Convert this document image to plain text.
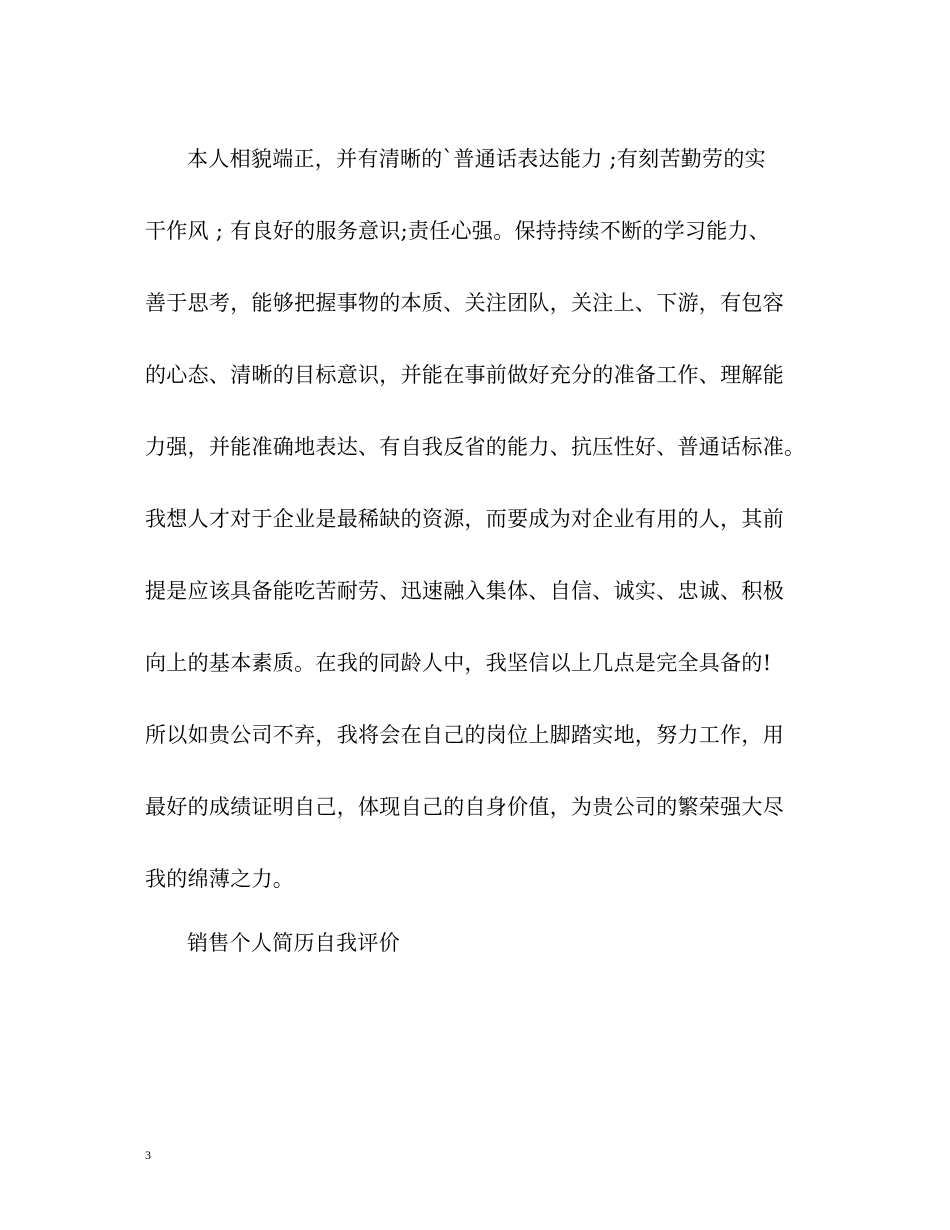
本人相貌端正，并有清晰的`普通话表达能力 ;有刻苦勤劳的实
干作风 ; 有良好的服务意识;责任心强。保持持续不断的学习能力、
善于思考，能够把握事物的本质、关注团队，关注上、下游，有包容
的心态、清晰的目标意识，并能在事前做好充分的准备工作、理解能
力强，并能准确地表达、有自我反省的能力、抗压性好、普通话标准。
我想人才对于企业是最稀缺的资源，而要成为对企业有用的人，其前
提是应该具备能吃苦耐劳、迅速融入集体、自信、诚实、忠诚、积极
向上的基本素质。在我的同龄人中，我坚信以上几点是完全具备的!
所以如贵公司不弃，我将会在自己的岗位上脚踏实地，努力工作，用
最好的成绩证明自己，体现自己的自身价值，为贵公司的繁荣强大尽
我的绵薄之力。
销售个人简历自我评价
3
